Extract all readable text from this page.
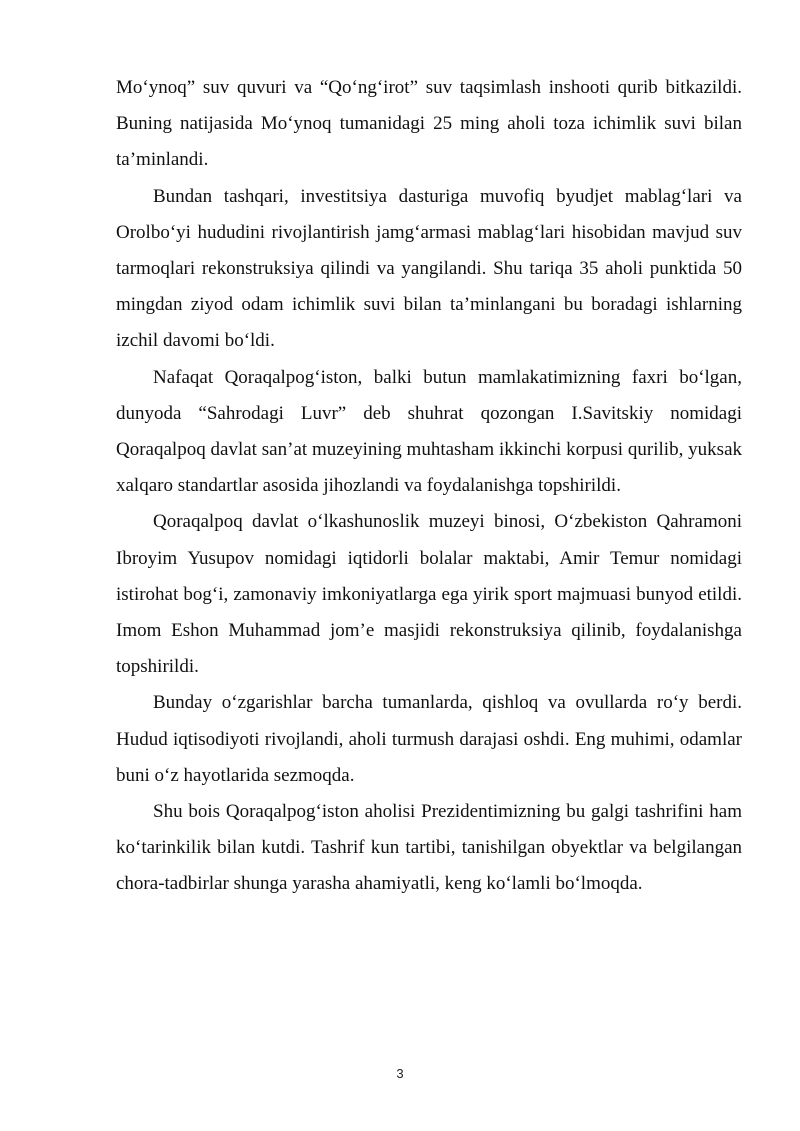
Mo‘ynoq” suv quvuri va “Qo‘ng‘irot” suv taqsimlash inshooti qurib bitkazildi. Buning natijasida Mo‘ynoq tumanidagi 25 ming aholi toza ichimlik suvi bilan ta’minlandi.

Bundan tashqari, investitsiya dasturiga muvofiq byudjet mablag‘lari va Orolbo‘yi hududini rivojlantirish jamg‘armasi mablag‘lari hisobidan mavjud suv tarmoqlari rekonstruksiya qilindi va yangilandi. Shu tariqa 35 aholi punktida 50 mingdan ziyod odam ichimlik suvi bilan ta’minlangani bu boradagi ishlarning izchil davomi bo‘ldi.

Nafaqat Qoraqalpog‘iston, balki butun mamlakatimizning faxri bo‘lgan, dunyoda “Sahrodagi Luvr” deb shuhrat qozongan I.Savitskiy nomidagi Qoraqalpoq davlat san’at muzeyining muhtasham ikkinchi korpusi qurilib, yuksak xalqaro standartlar asosida jihozlandi va foydalanishga topshirildi.

Qoraqalpoq davlat o‘lkashunoslik muzeyi binosi, O‘zbekiston Qahramoni Ibroyim Yusupov nomidagi iqtidorli bolalar maktabi, Amir Temur nomidagi istirohat bog‘i, zamonaviy imkoniyatlarga ega yirik sport majmuasi bunyod etildi. Imom Eshon Muhammad jom’e masjidi rekonstruksiya qilinib, foydalanishga topshirildi.

Bunday o‘zgarishlar barcha tumanlarda, qishloq va ovullarda ro‘y berdi. Hudud iqtisodiyoti rivojlandi, aholi turmush darajasi oshdi. Eng muhimi, odamlar buni o‘z hayotlarida sezmoqda.

Shu bois Qoraqalpog‘iston aholisi Prezidentimizning bu galgi tashrifini ham ko‘tarinkilik bilan kutdi. Tashrif kun tartibi, tanishilgan obyektlar va belgilangan chora-tadbirlar shunga yarasha ahamiyatli, keng ko‘lamli bo‘lmoqda.

3
